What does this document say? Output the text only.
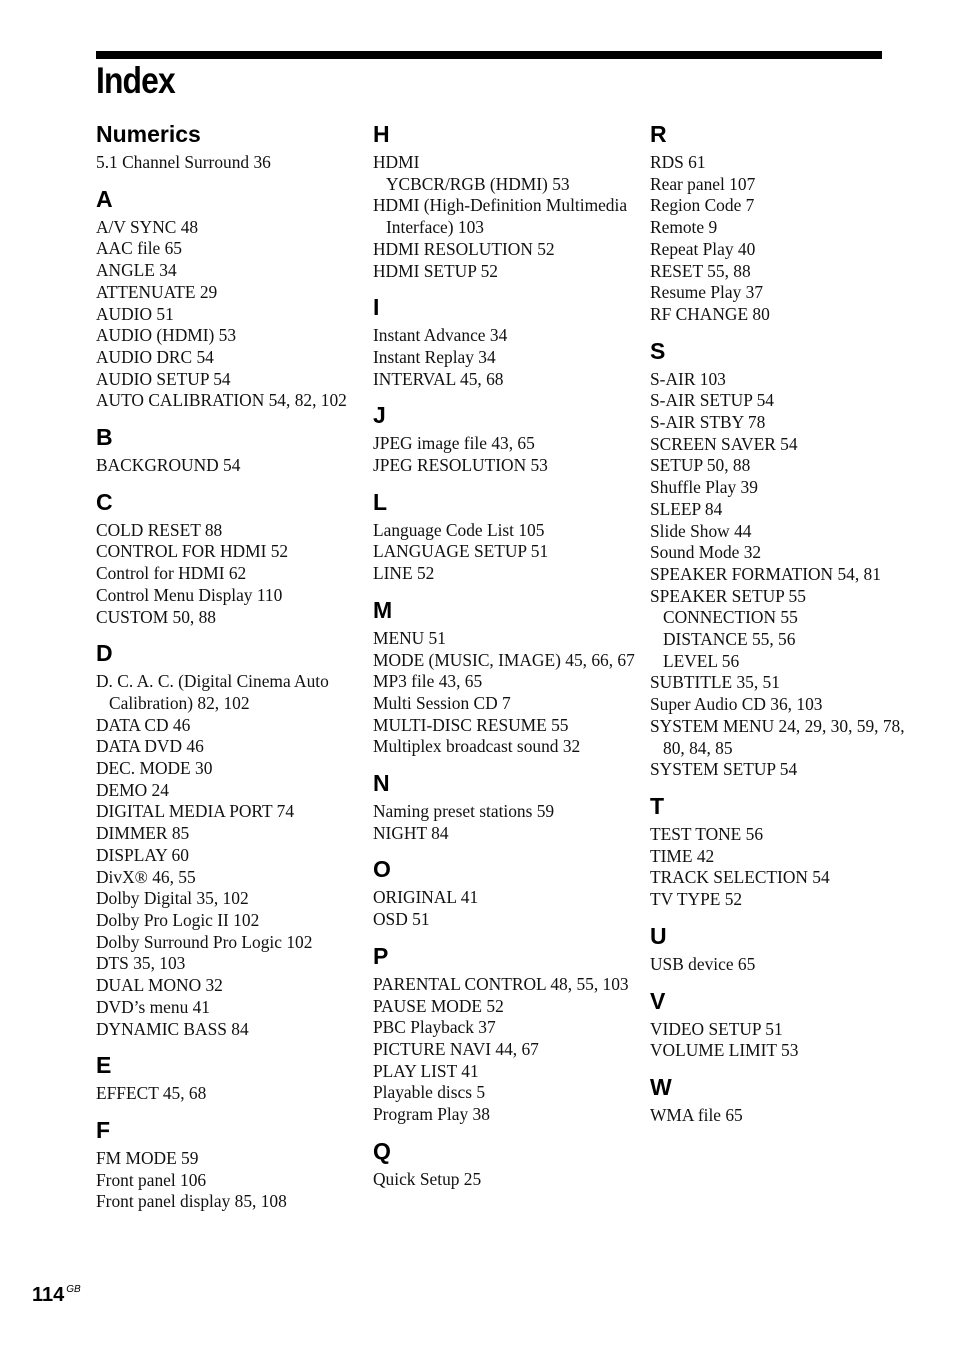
Index
Numerics
5.1 Channel Surround 36
A
A/V SYNC 48
AAC file 65
ANGLE 34
ATTENUATE 29
AUDIO 51
AUDIO (HDMI) 53
AUDIO DRC 54
AUDIO SETUP 54
AUTO CALIBRATION 54, 82, 102
B
BACKGROUND 54
C
COLD RESET 88
CONTROL FOR HDMI 52
Control for HDMI 62
Control Menu Display 110
CUSTOM 50, 88
D
D. C. A. C. (Digital Cinema Auto Calibration) 82, 102
DATA CD 46
DATA DVD 46
DEC. MODE 30
DEMO 24
DIGITAL MEDIA PORT 74
DIMMER 85
DISPLAY 60
DivX® 46, 55
Dolby Digital 35, 102
Dolby Pro Logic II 102
Dolby Surround Pro Logic 102
DTS 35, 103
DUAL MONO 32
DVD’s menu 41
DYNAMIC BASS 84
E
EFFECT 45, 68
F
FM MODE 59
Front panel 106
Front panel display 85, 108
H
HDMI
YCBCR/RGB (HDMI) 53
HDMI (High-Definition Multimedia Interface) 103
HDMI RESOLUTION 52
HDMI SETUP 52
I
Instant Advance 34
Instant Replay 34
INTERVAL 45, 68
J
JPEG image file 43, 65
JPEG RESOLUTION 53
L
Language Code List 105
LANGUAGE SETUP 51
LINE 52
M
MENU 51
MODE (MUSIC, IMAGE) 45, 66, 67
MP3 file 43, 65
Multi Session CD 7
MULTI-DISC RESUME 55
Multiplex broadcast sound 32
N
Naming preset stations 59
NIGHT 84
O
ORIGINAL 41
OSD 51
P
PARENTAL CONTROL 48, 55, 103
PAUSE MODE 52
PBC Playback 37
PICTURE NAVI 44, 67
PLAY LIST 41
Playable discs 5
Program Play 38
Q
Quick Setup 25
R
RDS 61
Rear panel 107
Region Code 7
Remote 9
Repeat Play 40
RESET 55, 88
Resume Play 37
RF CHANGE 80
S
S-AIR 103
S-AIR SETUP 54
S-AIR STBY 78
SCREEN SAVER 54
SETUP 50, 88
Shuffle Play 39
SLEEP 84
Slide Show 44
Sound Mode 32
SPEAKER FORMATION 54, 81
SPEAKER SETUP 55
CONNECTION 55
DISTANCE 55, 56
LEVEL 56
SUBTITLE 35, 51
Super Audio CD 36, 103
SYSTEM MENU 24, 29, 30, 59, 78, 80, 84, 85
SYSTEM SETUP 54
T
TEST TONE 56
TIME 42
TRACK SELECTION 54
TV TYPE 52
U
USB device 65
V
VIDEO SETUP 51
VOLUME LIMIT 53
W
WMA file 65
114 $^{GB}$
